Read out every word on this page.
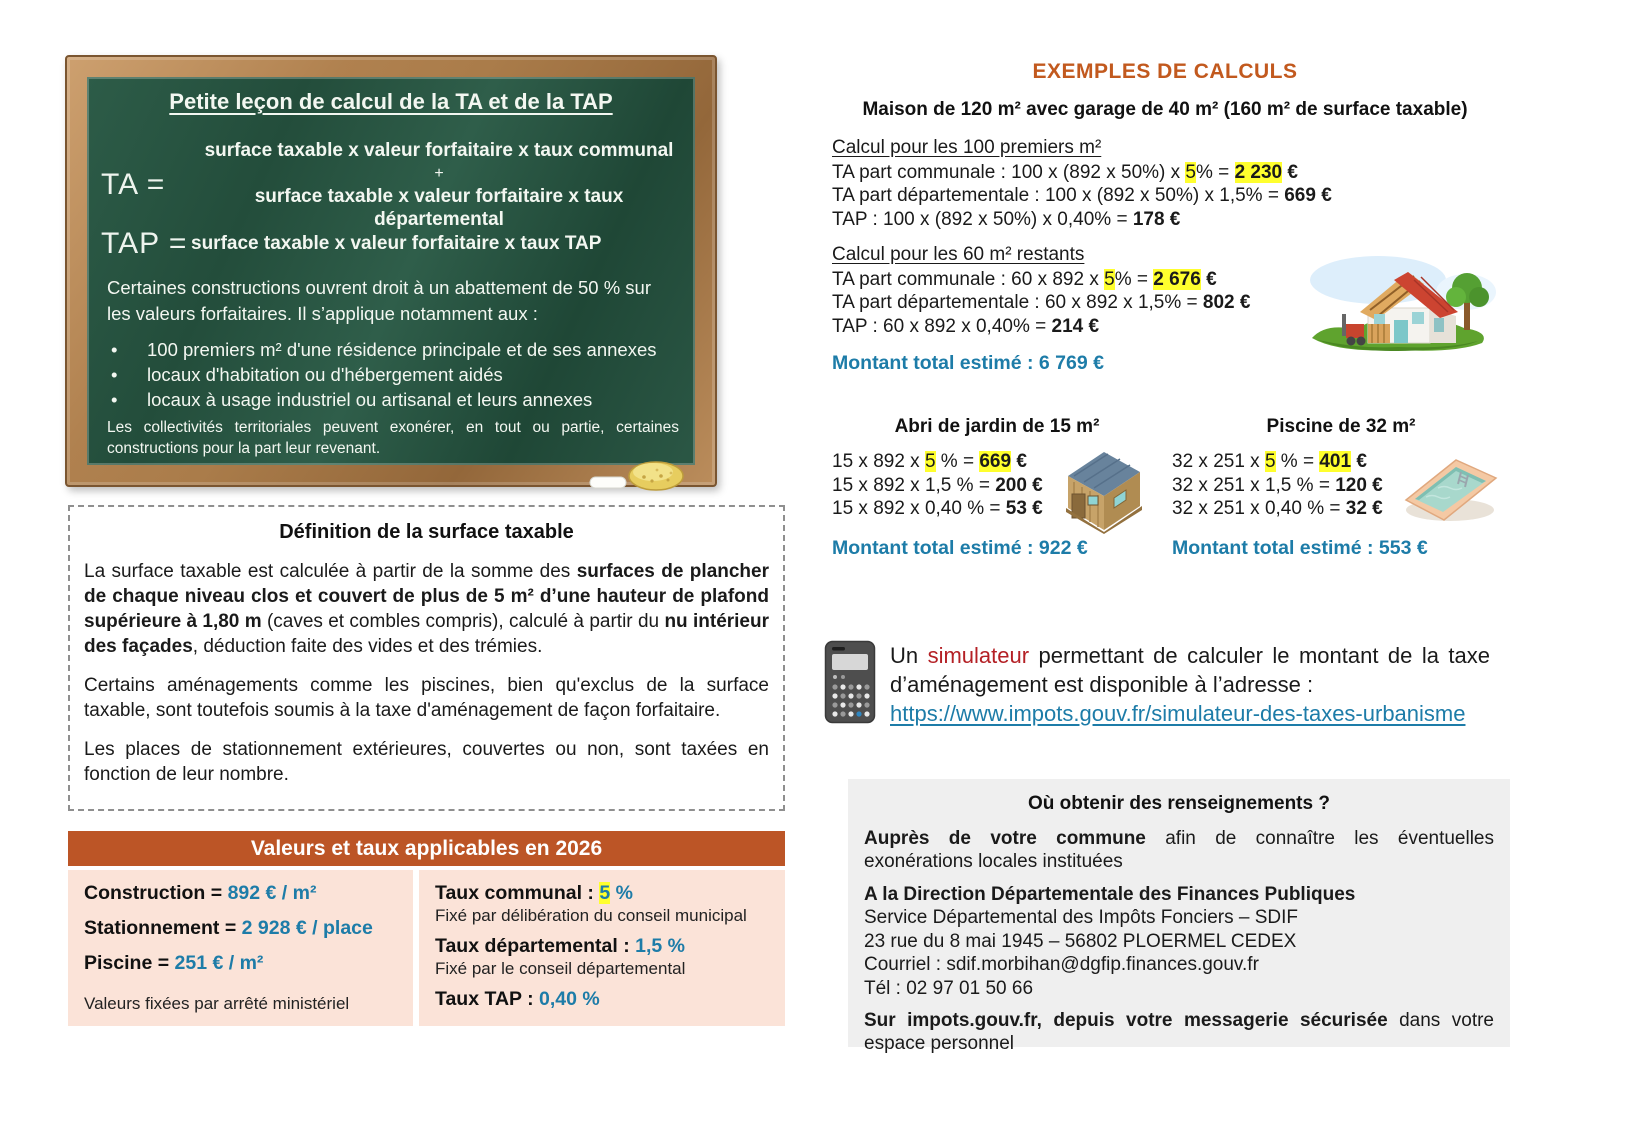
Petite leçon de calcul de la TA et de la TAP
TA =
surface taxable x valeur forfaitaire x taux communal
+
surface taxable x valeur forfaitaire x taux départemental
TAP = surface taxable x valeur forfaitaire x taux TAP
Certaines constructions ouvrent droit à un abattement de 50 % sur les valeurs forfaitaires. Il s’applique notamment aux :
•	100 premiers m² d'une résidence principale et de ses annexes
•	locaux d'habitation ou d'hébergement aidés
•	locaux à usage industriel ou artisanal et leurs annexes
Les collectivités territoriales peuvent exonérer, en tout ou partie, certaines constructions pour la part leur revenant.
Définition de la surface taxable

La surface taxable est calculée à partir de la somme des surfaces de plancher de chaque niveau clos et couvert de plus de 5 m² d’une hauteur de plafond supérieure à 1,80 m (caves et combles compris), calculé à partir du nu intérieur des façades, déduction faite des vides et des trémies.

Certains aménagements comme les piscines, bien qu'exclus de la surface taxable, sont toutefois soumis à la taxe d'aménagement de façon forfaitaire.

Les places de stationnement extérieures, couvertes ou non, sont taxées en fonction de leur nombre.

Valeurs et taux applicables en 2026
Construction = 892 € / m²
Stationnement = 2 928 € / place
Piscine = 251 € / m²
Valeurs fixées par arrêté ministériel
Taux communal : 5 %
Fixé par délibération du conseil municipal
Taux départemental : 1,5 %
Fixé par le conseil départemental
Taux TAP : 0,40 %
EXEMPLES DE CALCULS
Maison de 120 m² avec garage de 40 m² (160 m² de surface taxable)
Calcul pour les 100 premiers m²
TA part communale : 100 x (892 x 50%) x 5% = 2 230 €
TA part départementale : 100 x (892 x 50%) x 1,5% = 669 €
TAP : 100 x (892 x 50%) x 0,40% = 178 €
Calcul pour les 60 m² restants
TA part communale : 60 x 892 x 5% = 2 676 €
TA part départementale : 60 x 892 x 1,5% = 802 €
TAP : 60 x 892 x 0,40% = 214 €
Montant total estimé : 6 769 €
Abri de jardin de 15 m²	Piscine de 32 m²
15 x 892 x 5 % = 669 €
15 x 892 x 1,5 % = 200 €
15 x 892 x 0,40 % = 53 €
32 x 251 x 5 % = 401 €
32 x 251 x 1,5 % = 120 €
32 x 251 x 0,40 % = 32 €
Montant total estimé : 922 €	Montant total estimé : 553 €
Un simulateur permettant de calculer le montant de la taxe d’aménagement est disponible à l’adresse :
https://www.impots.gouv.fr/simulateur-des-taxes-urbanisme
Où obtenir des renseignements ?

Auprès de votre commune afin de connaître les éventuelles exonérations locales instituées

A la Direction Départementale des Finances Publiques
Service Départemental des Impôts Fonciers – SDIF
23 rue du 8 mai 1945 – 56802 PLOERMEL CEDEX
Courriel : sdif.morbihan@dgfip.finances.gouv.fr
Tél : 02 97 01 50 66

Sur impots.gouv.fr, depuis votre messagerie sécurisée dans votre espace personnel
